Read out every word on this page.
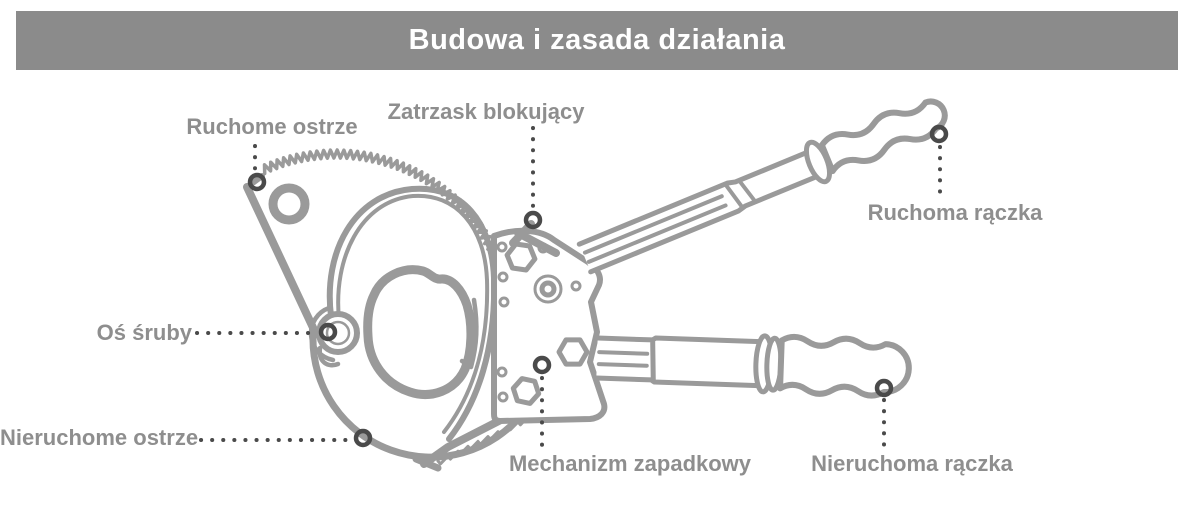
Budowa i zasada działania
Ruchome ostrze
Zatrzask blokujący
Ruchoma rączka
Oś śruby
Nieruchome ostrze
Mechanizm zapadkowy	Nieruchoma rączka
